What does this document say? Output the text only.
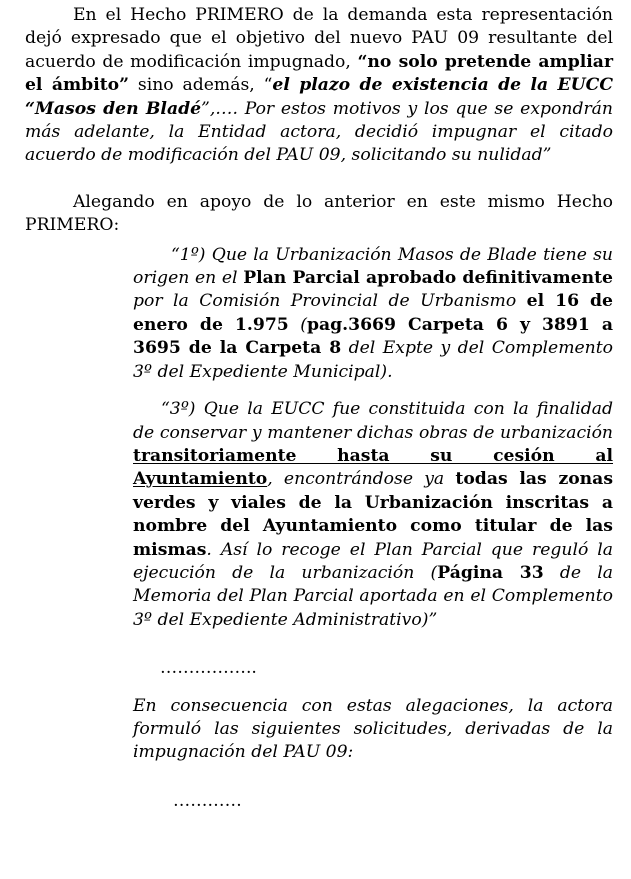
En el Hecho PRIMERO de la demanda esta representación dejó expresado que el objetivo del nuevo PAU 09 resultante del acuerdo de modificación impugnado, “no solo pretende ampliar el ámbito” sino además, “el plazo de existencia de la EUCC “Masos den Bladé”,…. Por estos motivos y los que se expondrán más adelante, la Entidad actora, decidió impugnar el citado acuerdo de modificación del PAU 09, solicitando su nulidad”

Alegando en apoyo de lo anterior en este mismo Hecho PRIMERO:

“1º) Que la Urbanización Masos de Blade tiene su origen en el Plan Parcial aprobado definitivamente por la Comisión Provincial de Urbanismo el 16 de enero de 1.975 (pag.3669 Carpeta 6 y 3891 a 3695 de la Carpeta 8 del Expte y del Complemento 3º del Expediente Municipal).

“3º) Que la EUCC fue constituida con la finalidad de conservar y mantener dichas obras de urbanización transitoriamente hasta su cesión al Ayuntamiento, encontrándose ya todas las zonas verdes y viales de la Urbanización inscritas a nombre del Ayuntamiento como titular de las mismas. Así lo recoge el Plan Parcial que reguló la ejecución de la urbanización (Página 33 de la Memoria del Plan Parcial aportada en el Complemento 3º del Expediente Administrativo)”

……………..

En consecuencia con estas alegaciones, la actora formuló las siguientes solicitudes, derivadas de la impugnación del PAU 09:

…………
